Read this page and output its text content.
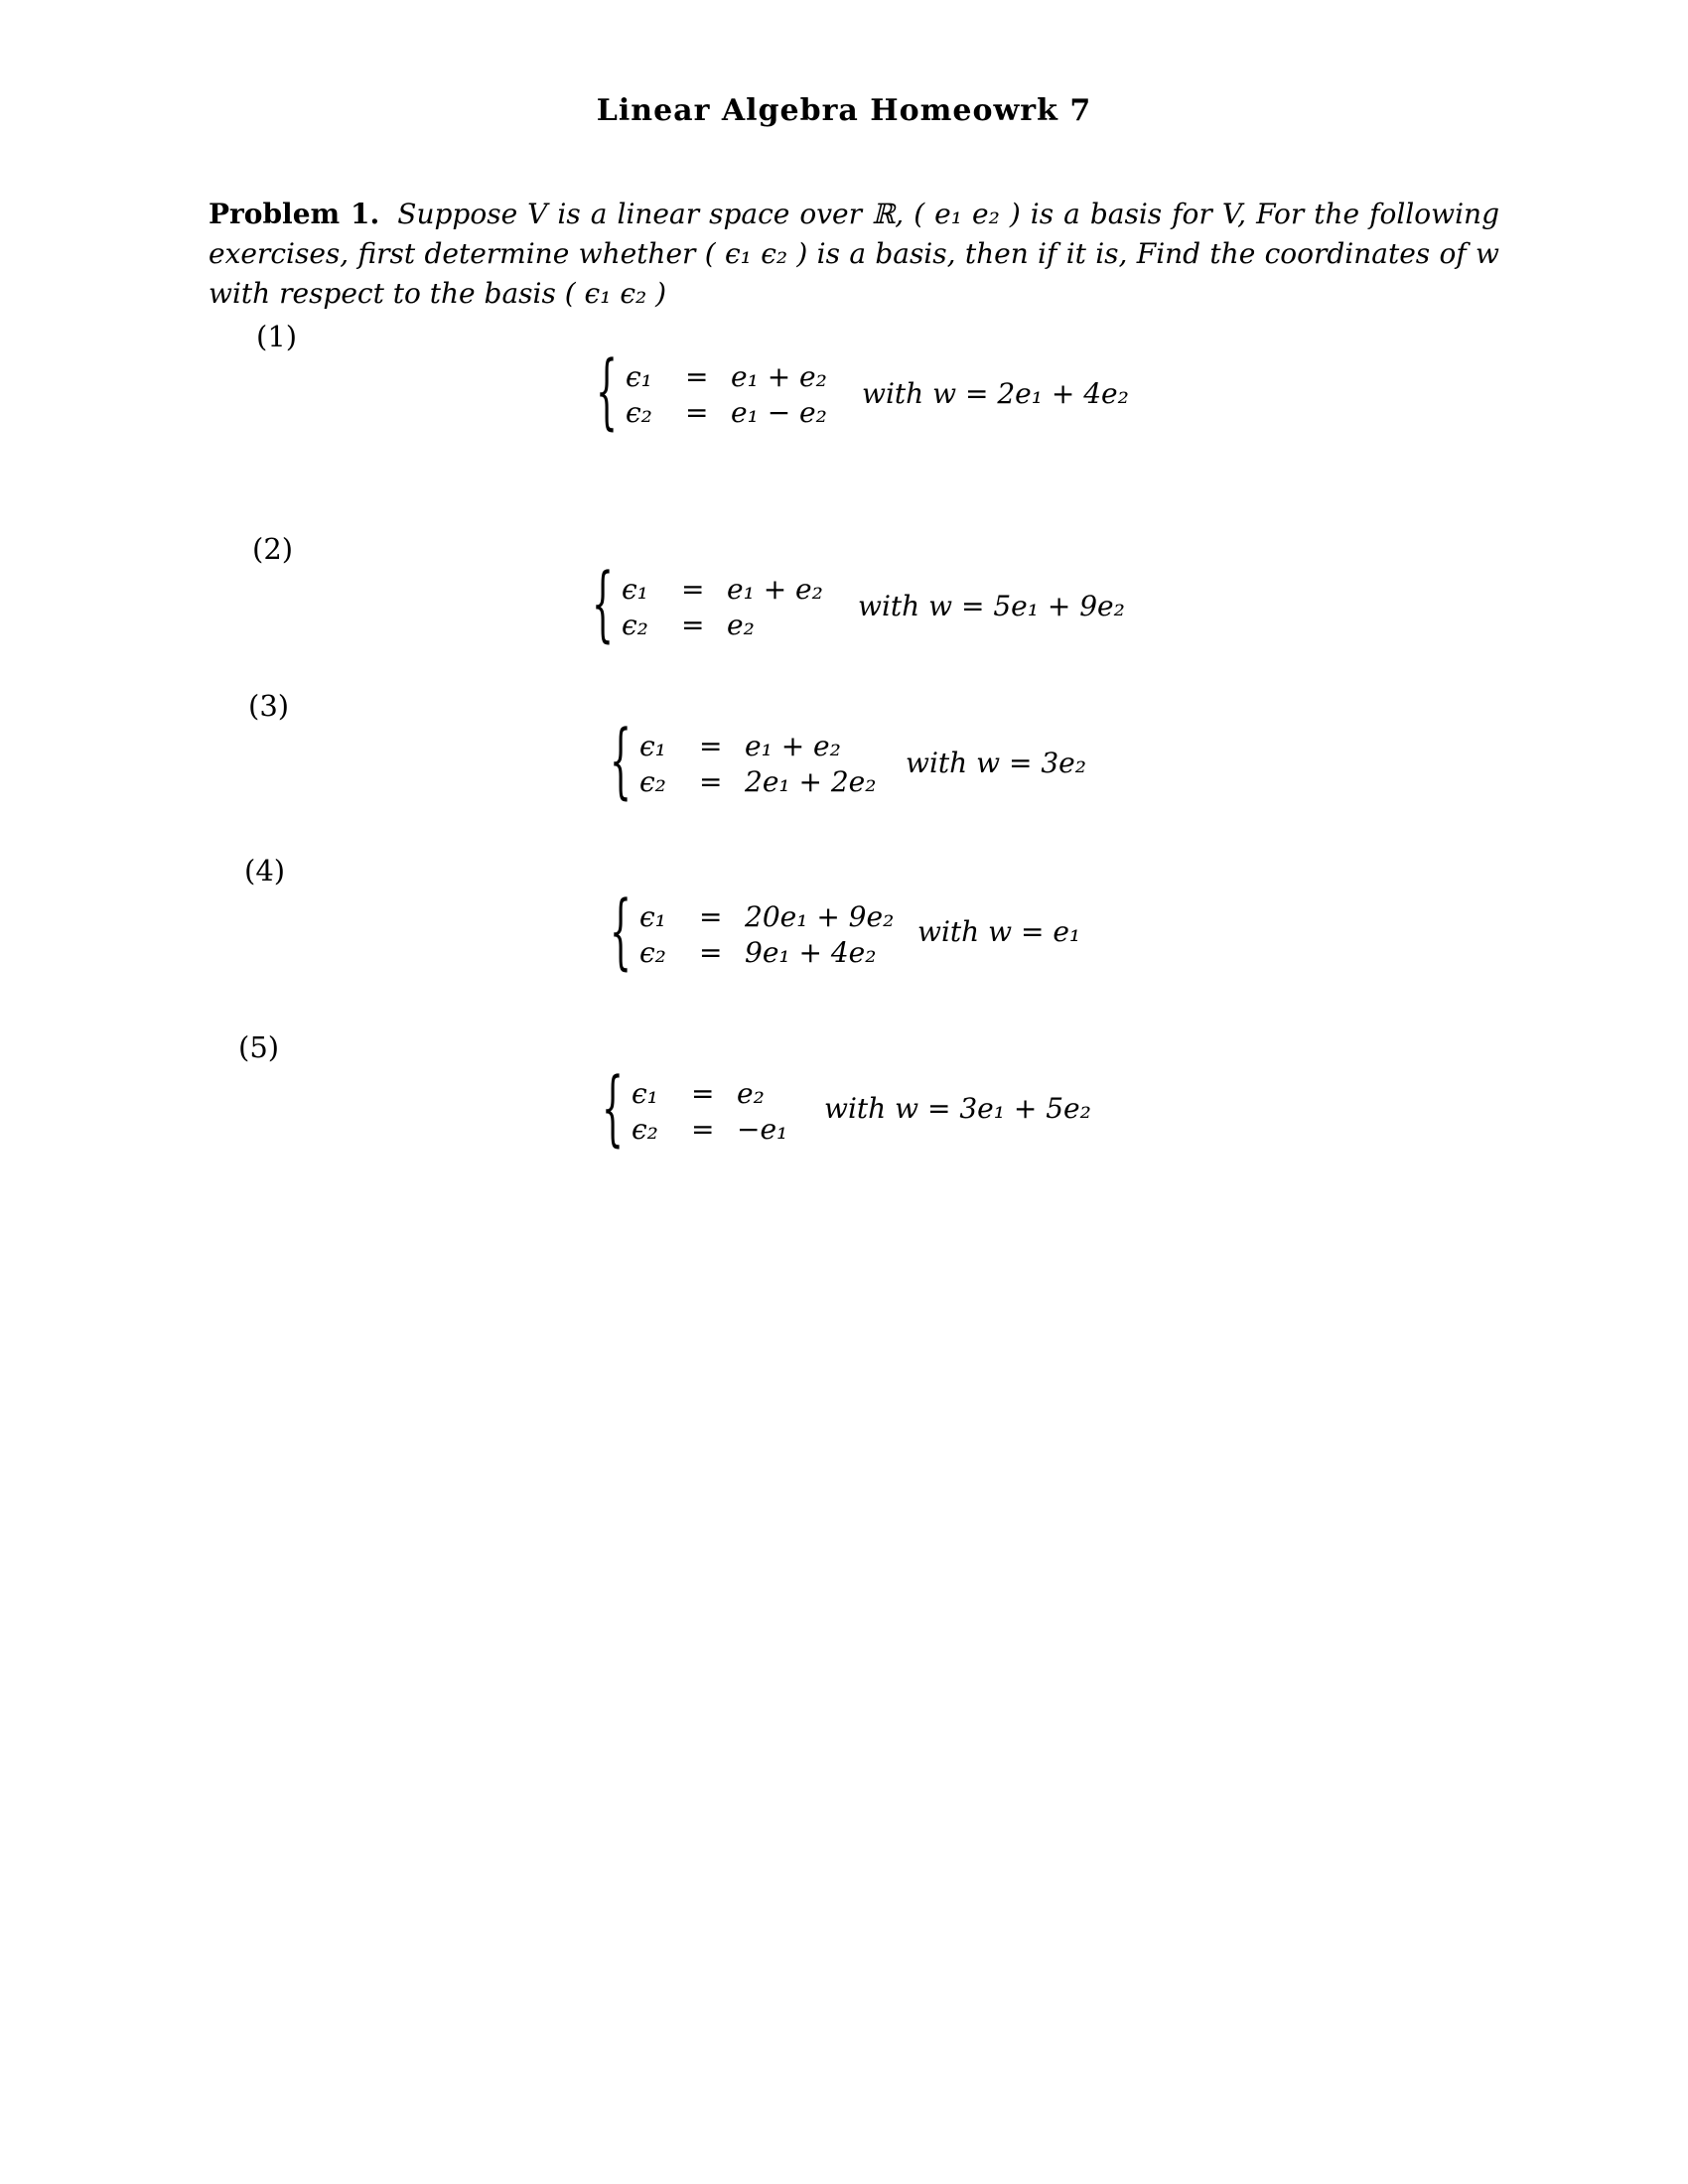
Linear Algebra Homeowrk 7
Problem 1. Suppose V is a linear space over ℝ, ( e₁ e₂ ) is a basis for V, For the following exercises, first determine whether ( ϵ₁ ϵ₂ ) is a basis, then if it is, Find the coordinates of w with respect to the basis ( ϵ₁ ϵ₂ )
(1)
{ ϵ₁ = e₁ + e₂
ϵ₂ = e₁ − e₂
with w = 2e₁ + 4e₂
(2)
{ ϵ₁ = e₁ + e₂
ϵ₂ = e₂
with w = 5e₁ + 9e₂
(3)
{ ϵ₁ = e₁ + e₂
ϵ₂ = 2e₁ + 2e₂
with w = 3e₂
(4)
{ ϵ₁ = 20e₁ + 9e₂
ϵ₂ = 9e₁ + 4e₂
with w = e₁
(5)
{ ϵ₁ = e₂
ϵ₂ = −e₁
with w = 3e₁ + 5e₂
